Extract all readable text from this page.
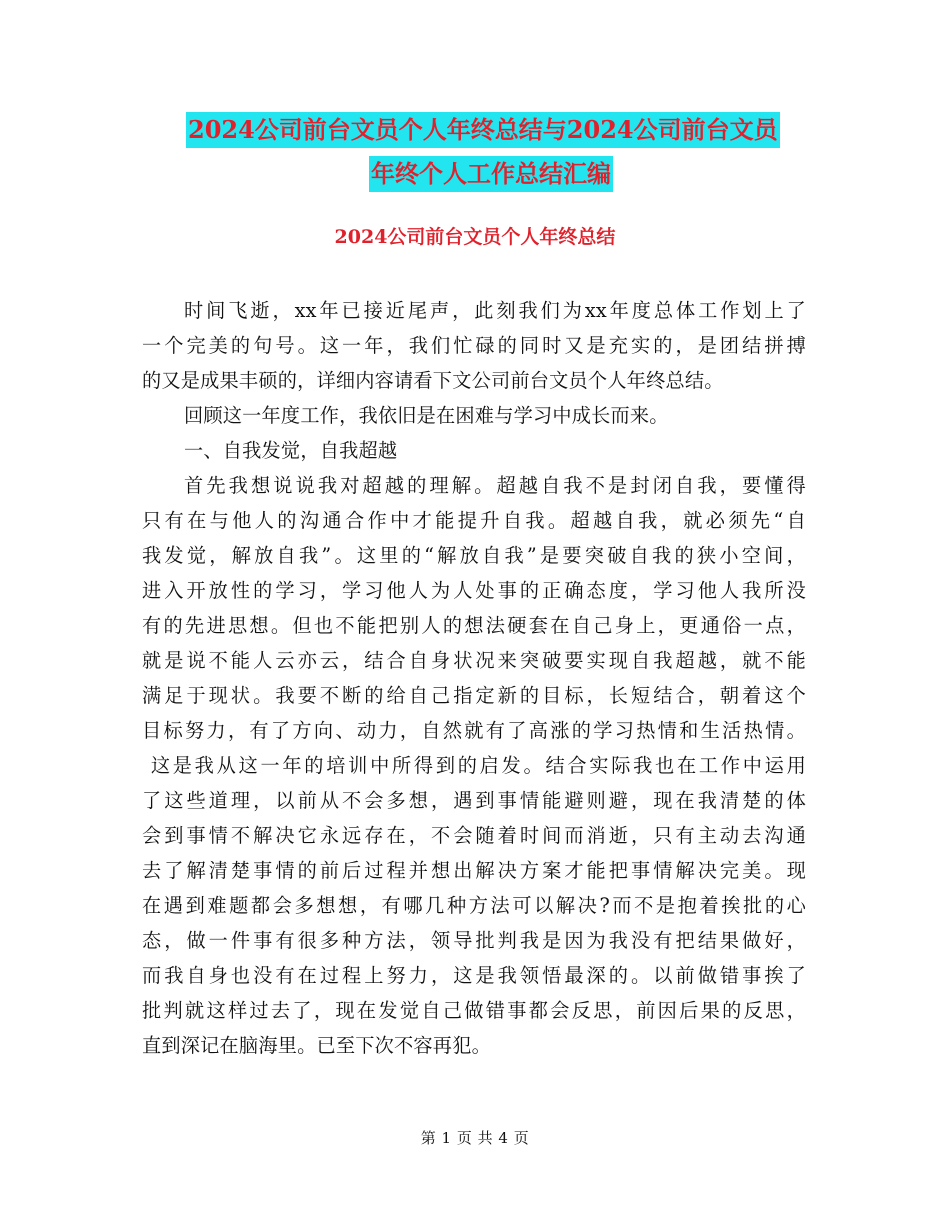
2024公司前台文员个人年终总结与2024公司前台文员
年终个人工作总结汇编
2024公司前台文员个人年终总结
时间飞逝，xx年已接近尾声，此刻我们为xx年度总体工作划上了
一个完美的句号。这一年，我们忙碌的同时又是充实的，是团结拼搏
的又是成果丰硕的，详细内容请看下文公司前台文员个人年终总结。
回顾这一年度工作，我依旧是在困难与学习中成长而来。
一、自我发觉，自我超越
首先我想说说我对超越的理解。超越自我不是封闭自我，要懂得
只有在与他人的沟通合作中才能提升自我。超越自我，就必须先“自
我发觉，解放自我”。这里的“解放自我”是要突破自我的狭小空间，
进入开放性的学习，学习他人为人处事的正确态度，学习他人我所没
有的先进思想。但也不能把别人的想法硬套在自己身上，更通俗一点，
就是说不能人云亦云，结合自身状况来突破要实现自我超越，就不能
满足于现状。我要不断的给自己指定新的目标，长短结合，朝着这个
目标努力，有了方向、动力，自然就有了高涨的学习热情和生活热情。
这是我从这一年的培训中所得到的启发。结合实际我也在工作中运用
了这些道理，以前从不会多想，遇到事情能避则避，现在我清楚的体
会到事情不解决它永远存在，不会随着时间而消逝，只有主动去沟通
去了解清楚事情的前后过程并想出解决方案才能把事情解决完美。现
在遇到难题都会多想想，有哪几种方法可以解决?而不是抱着挨批的心
态，做一件事有很多种方法，领导批判我是因为我没有把结果做好，
而我自身也没有在过程上努力，这是我领悟最深的。以前做错事挨了
批判就这样过去了，现在发觉自己做错事都会反思，前因后果的反思，
直到深记在脑海里。已至下次不容再犯。
第 1 页 共 4 页
